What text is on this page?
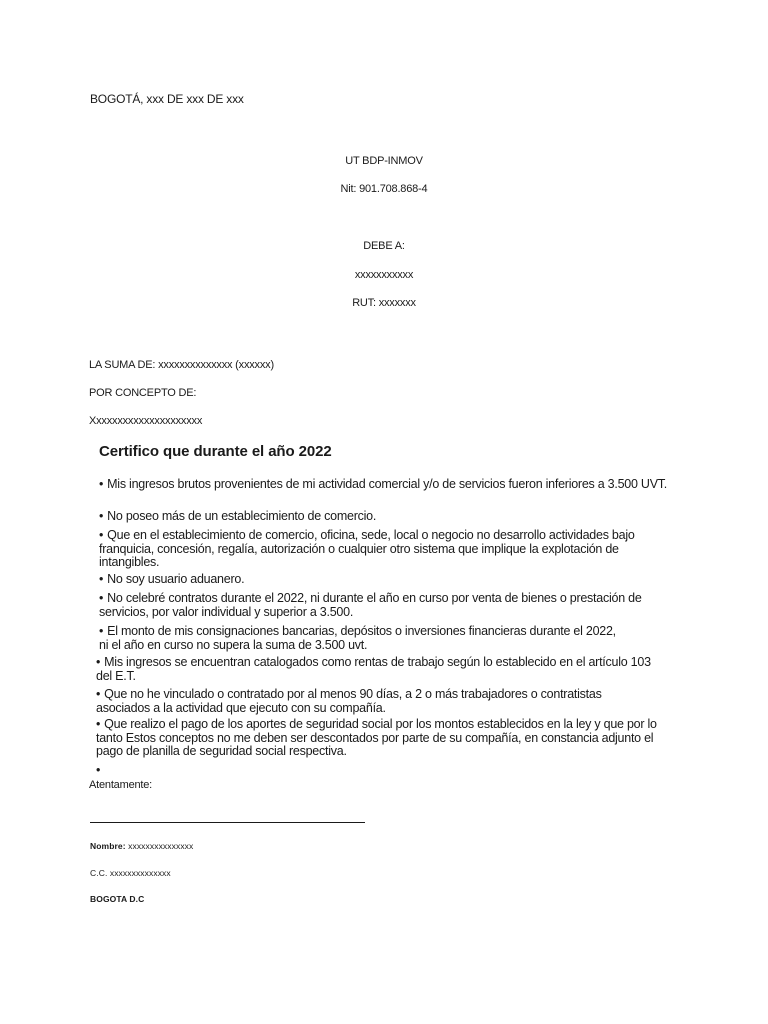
BOGOTÁ, xxx DE xxx DE xxx
UT BDP-INMOV
Nit: 901.708.868-4
DEBE A:
xxxxxxxxxxx
RUT: xxxxxxx
LA SUMA DE: xxxxxxxxxxxxxx (xxxxxx)
POR CONCEPTO DE:
Xxxxxxxxxxxxxxxxxxxxx
Certifico que durante el año 2022
• Mis ingresos brutos provenientes de mi actividad comercial y/o de servicios fueron inferiores a 3.500 UVT.
• No poseo más de un establecimiento de comercio.
• Que en el establecimiento de comercio, oficina, sede, local o negocio no desarrollo actividades bajo franquicia, concesión, regalía, autorización o cualquier otro sistema que implique la explotación de intangibles.
• No soy usuario aduanero.
• No celebré contratos durante el 2022, ni durante el año en curso por venta de bienes o prestación de servicios, por valor individual y superior a 3.500.
• El monto de mis consignaciones bancarias, depósitos o inversiones financieras durante el 2022, ni el año en curso no supera la suma de 3.500 uvt.
• Mis ingresos se encuentran catalogados como rentas de trabajo según lo establecido en el artículo 103 del E.T.
• Que no he vinculado o contratado por al menos 90 días, a 2 o más trabajadores o contratistas asociados a la actividad que ejecuto con su compañía.
• Que realizo el pago de los aportes de seguridad social por los montos establecidos en la ley y que por lo tanto Estos conceptos no me deben ser descontados por parte de su compañía, en constancia adjunto el pago de planilla de seguridad social respectiva.
•
Atentamente:
Nombre: xxxxxxxxxxxxxxx
C.C. xxxxxxxxxxxxxx
BOGOTA D.C
